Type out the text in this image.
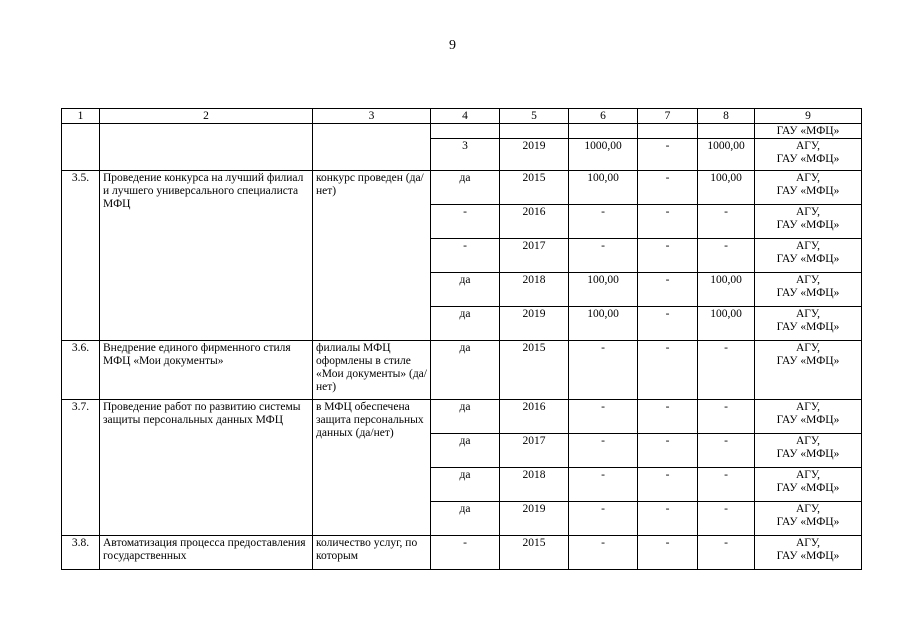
9
1	2	3	4	5	6	7	8	9
								ГАУ «МФЦ»
			3	2019	1000,00	-	1000,00	АГУ,
ГАУ «МФЦ»
3.5.	Проведение конкурса на лучший филиал и лучшего универсального специалиста МФЦ	конкурс проведен (да/нет)	да	2015	100,00	-	100,00	АГУ,
ГАУ «МФЦ»
			-	2016	-	-	-	АГУ,
ГАУ «МФЦ»
			-	2017	-	-	-	АГУ,
ГАУ «МФЦ»
			да	2018	100,00	-	100,00	АГУ,
ГАУ «МФЦ»
			да	2019	100,00	-	100,00	АГУ,
ГАУ «МФЦ»
3.6.	Внедрение единого фирменного стиля МФЦ «Мои документы»	филиалы МФЦ оформлены в стиле «Мои документы» (да/нет)	да	2015	-	-	-	АГУ,
ГАУ «МФЦ»
3.7.	Проведение работ по развитию системы защиты персональных данных МФЦ	в МФЦ обеспечена защита персональных данных (да/нет)	да	2016	-	-	-	АГУ,
ГАУ «МФЦ»
			да	2017	-	-	-	АГУ,
ГАУ «МФЦ»
			да	2018	-	-	-	АГУ,
ГАУ «МФЦ»
			да	2019	-	-	-	АГУ,
ГАУ «МФЦ»
3.8.	Автоматизация процесса предоставления государственных	количество услуг, по которым	-	2015	-	-	-	АГУ,
ГАУ «МФЦ»
